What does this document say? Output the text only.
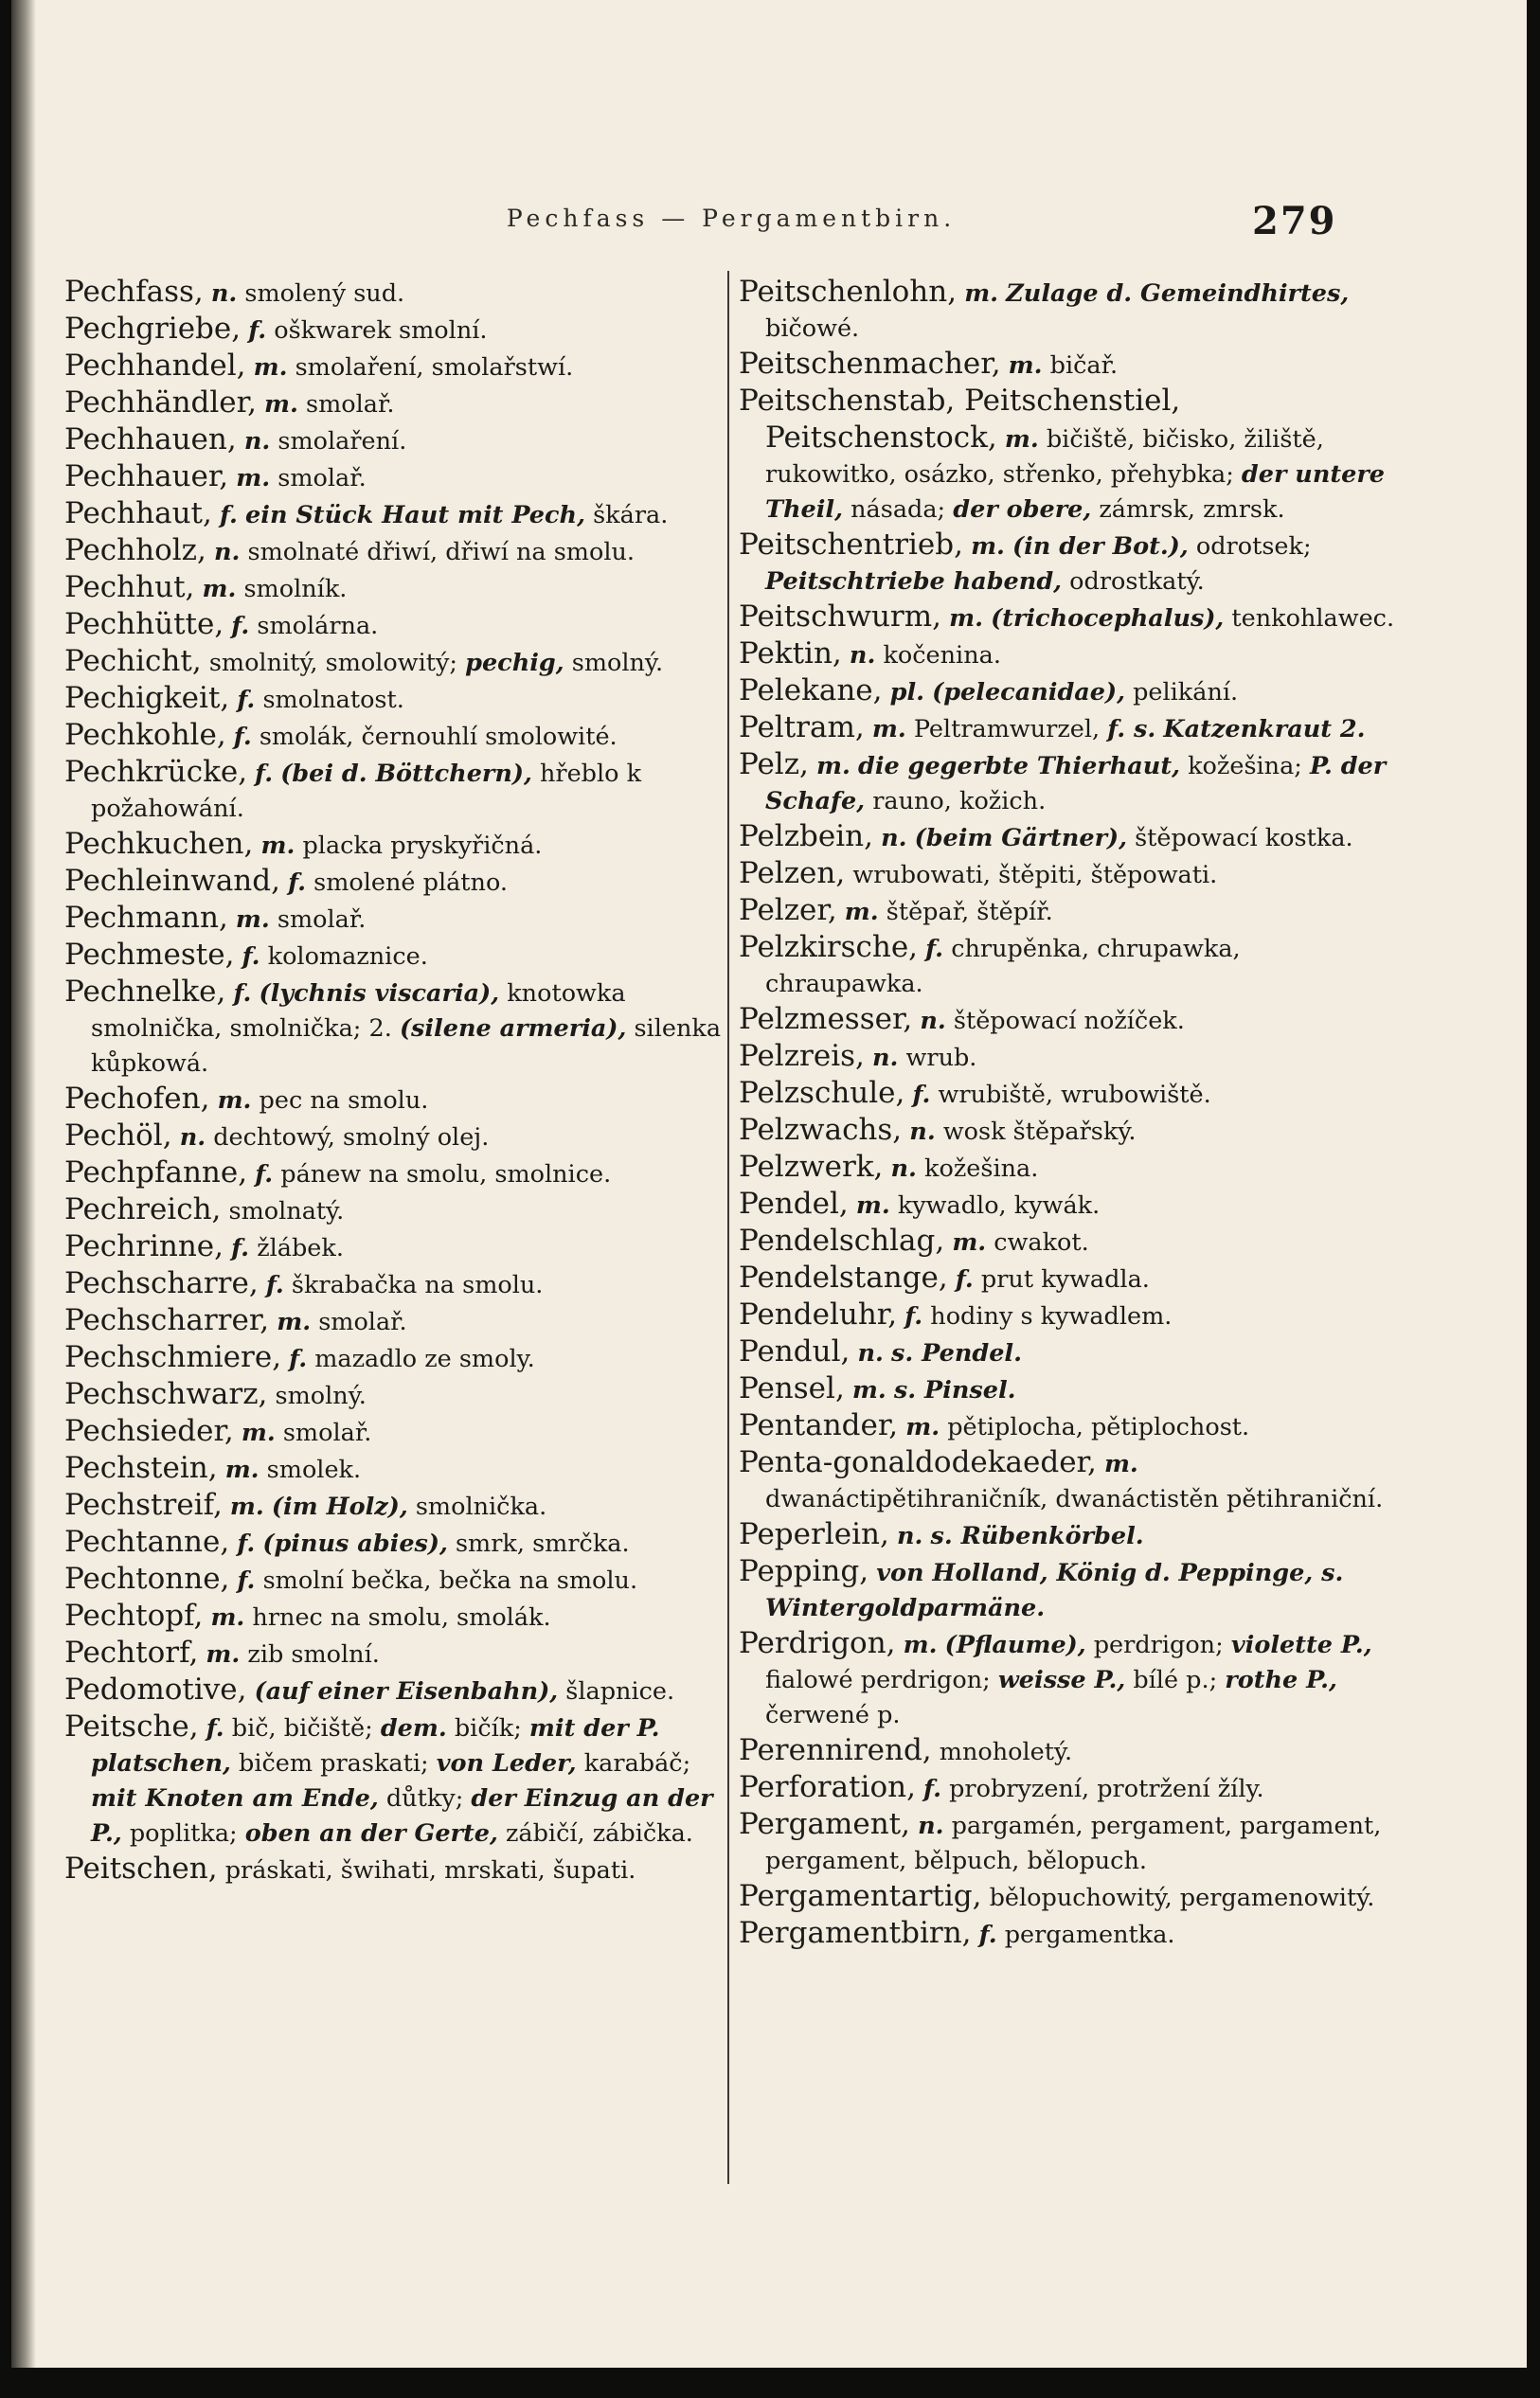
Pechfass — Pergamentbirn.	279

Pechfass, n. smolený sud.

Pechgriebe, f. oškwarek smolní.

Pechhandel, m. smolaření, smolařstwí.

Pechhändler, m. smolař.

Pechhauen, n. smolaření.

Pechhauer, m. smolař.

Pechhaut, f. ein Stück Haut mit Pech, škára.

Pechholz, n. smolnaté dřiwí, dřiwí na smolu.

Pechhut, m. smolník.

Pechhütte, f. smolárna.

Pechicht, smolnitý, smolowitý; pechig, smolný.

Pechigkeit, f. smolnatost.

Pechkohle, f. smolák, černouhlí smolowité.

Pechkrücke, f. (bei d. Böttchern), hřeblo k požahowání.

Pechkuchen, m. placka pryskyřičná.

Pechleinwand, f. smolené plátno.

Pechmann, m. smolař.

Pechmeste, f. kolomaznice.

Pechnelke, f. (lychnis viscaria), knotowka smolnička, smolnička; 2. (silene armeria), silenka kůpkowá.

Pechofen, m. pec na smolu.

Pechöl, n. dechtowý, smolný olej.

Pechpfanne, f. pánew na smolu, smolnice.

Pechreich, smolnatý.

Pechrinne, f. žlábek.

Pechscharre, f. škrabačka na smolu.

Pechscharrer, m. smolař.

Pechschmiere, f. mazadlo ze smoly.

Pechschwarz, smolný.

Pechsieder, m. smolař.

Pechstein, m. smolek.

Pechstreif, m. (im Holz), smolnička.

Pechtanne, f. (pinus abies), smrk, smrčka.

Pechtonne, f. smolní bečka, bečka na smolu.

Pechtopf, m. hrnec na smolu, smolák.

Pechtorf, m. zib smolní.

Pedomotive, (auf einer Eisenbahn), šlapnice.

Peitsche, f. bič, bičiště; dem. bičík; mit der P. platschen, bičem praskati; von Leder, karabáč; mit Knoten am Ende, důtky; der Einzug an der P., poplitka; oben an der Gerte, zábičí, zábička.

Peitschen, práskati, šwihati, mrskati, šupati.

Peitschenlohn, m. Zulage d. Gemeindhirtes, bičowé.

Peitschenmacher, m. bičař.

Peitschenstab, Peitschenstiel, Peitschenstock, m. bičiště, bičisko, žiliště, rukowitko, osázko, střenko, přehybka; der untere Theil, násada; der obere, zámrsk, zmrsk.

Peitschentrieb, m. (in der Bot.), odrotsek; Peitschtriebe habend, odrostkatý.

Peitschwurm, m. (trichocephalus), tenkohlawec.

Pektin, n. kočenina.

Pelekane, pl. (pelecanidae), pelikání.

Peltram, m. Peltramwurzel, f. s. Katzenkraut 2.

Pelz, m. die gegerbte Thierhaut, kožešina; P. der Schafe, rauno, kožich.

Pelzbein, n. (beim Gärtner), štěpowací kostka.

Pelzen, wrubowati, štěpiti, štěpowati.

Pelzer, m. štěpař, štěpíř.

Pelzkirsche, f. chrupěnka, chrupawka, chraupawka.

Pelzmesser, n. štěpowací nožíček.

Pelzreis, n. wrub.

Pelzschule, f. wrubiště, wrubowiště.

Pelzwachs, n. wosk štěpařský.

Pelzwerk, n. kožešina.

Pendel, m. kywadlo, kywák.

Pendelschlag, m. cwakot.

Pendelstange, f. prut kywadla.

Pendeluhr, f. hodiny s kywadlem.

Pendul, n. s. Pendel.

Pensel, m. s. Pinsel.

Pentander, m. pětiplocha, pětiplochost.

Penta-gonaldodekaeder, m. dwanáctipětihraničník, dwanáctistěn pětihraniční.

Peperlein, n. s. Rübenkörbel.

Pepping, von Holland, König d. Peppinge, s. Wintergoldparmäne.

Perdrigon, m. (Pflaume), perdrigon; violette P., fialowé perdrigon; weisse P., bílé p.; rothe P., čerwené p.

Perennirend, mnoholetý.

Perforation, f. probryzení, protržení žíly.

Pergament, n. pargamén, pergament, pargament, pergament, bělpuch, bělopuch.

Pergamentartig, bělopuchowitý, pergamenowitý.

Pergamentbirn, f. pergamentka.
